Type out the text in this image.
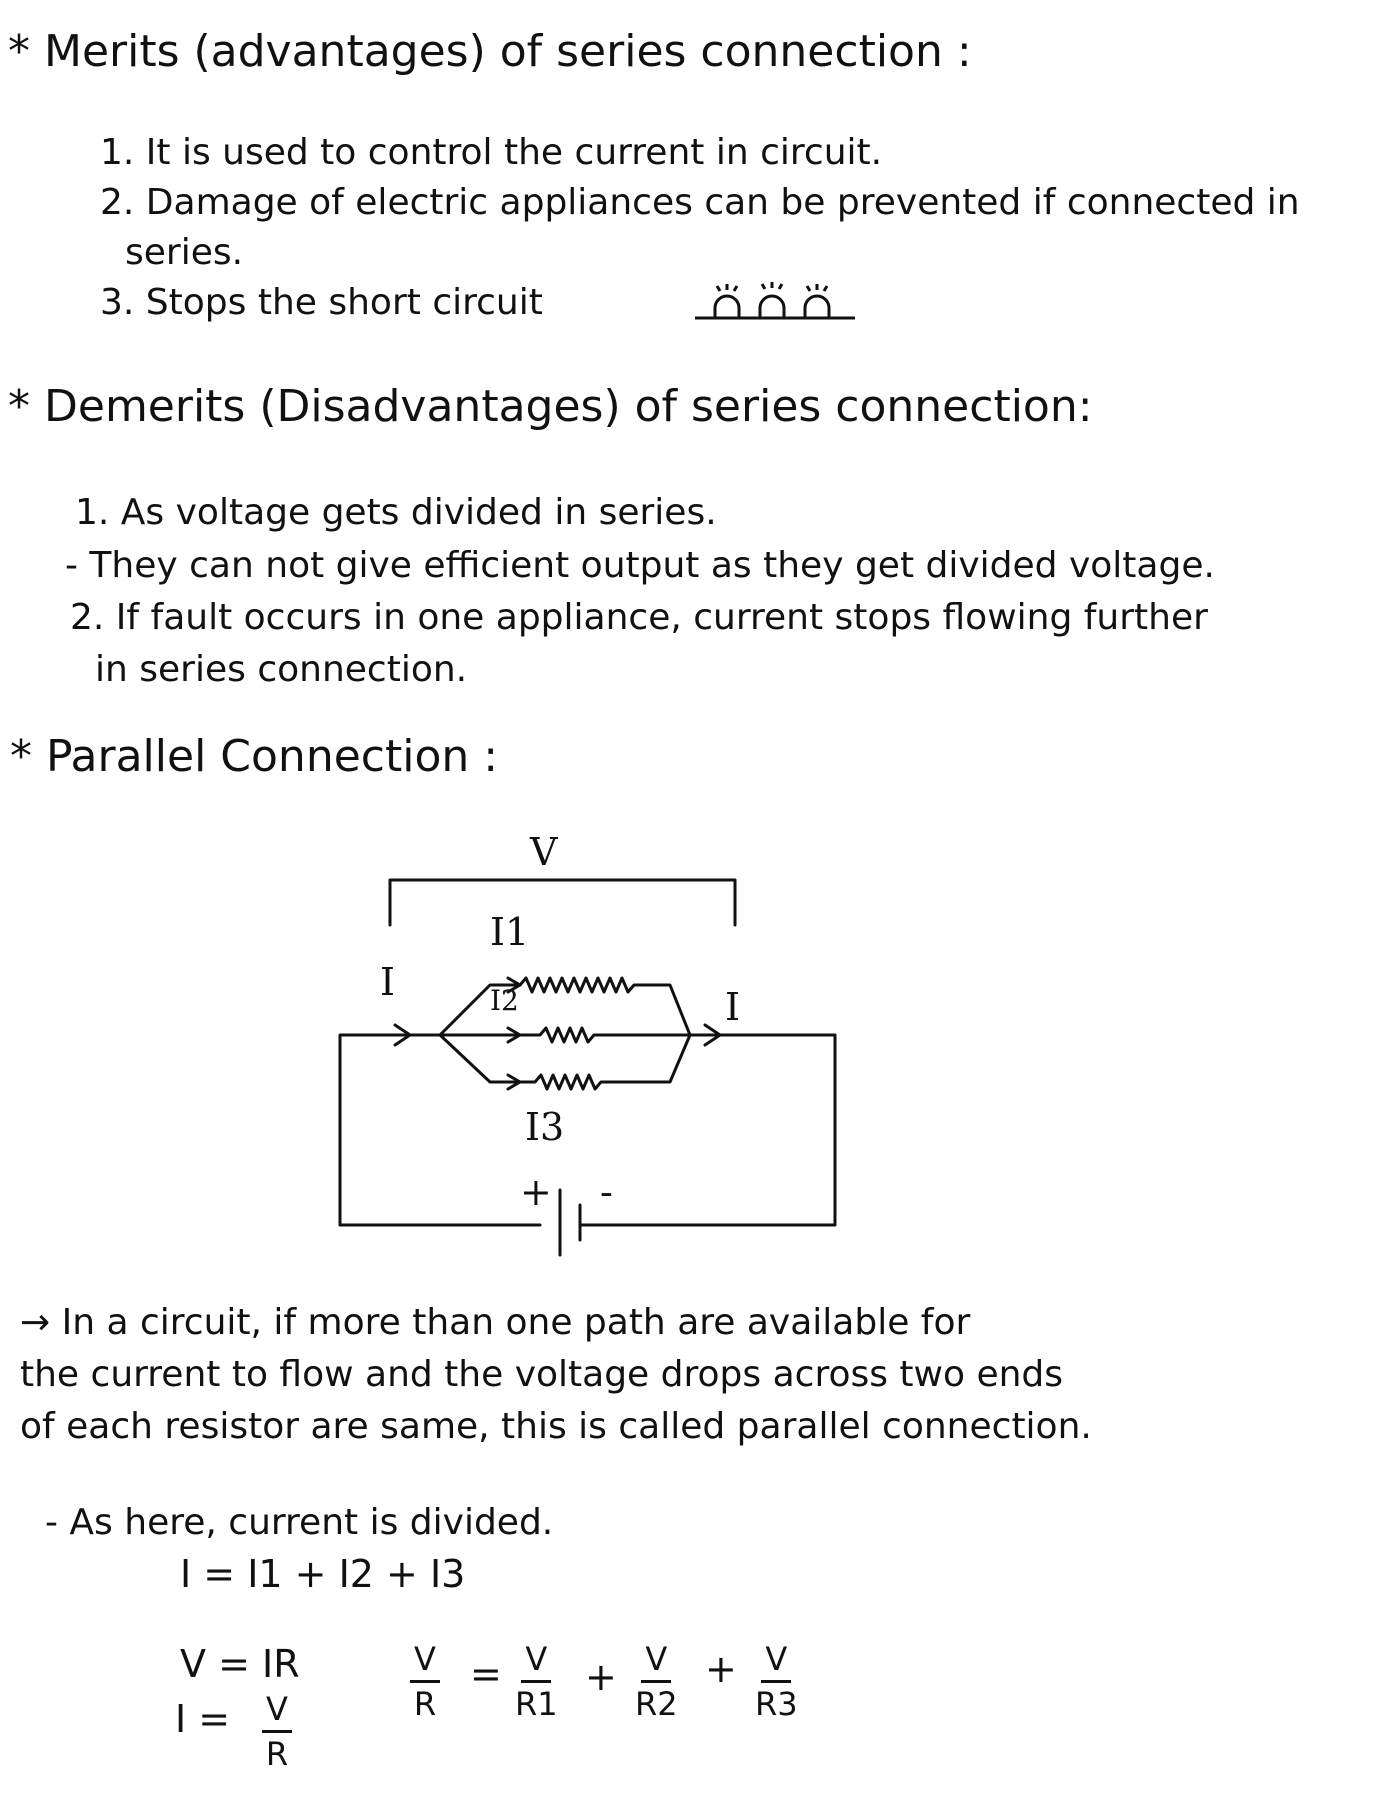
* Merits (advantages) of series connection :
1. It is used to control the current in circuit.
2. Damage of electric appliances can be prevented if connected in
series.
3. Stops the short circuit
* Demerits (Disadvantages) of series connection:
1. As voltage gets divided in series.
- They can not give efficient output as they get divided voltage.
2. If fault occurs in one appliance, current stops flowing further
in series connection.
* Parallel Connection :
V
I
I
I1
I2
I3
+ -
→ In a circuit, if more than one path are available for
the current to flow and the voltage drops across two ends
of each resistor are same, this is called parallel connection.
- As here, current is divided.
I = I1 + I2 + I3
V = IR
$I = \frac{V}{R}$
$\frac{V}{R} = \frac{V}{R1} + \frac{V}{R2} + \frac{V}{R3}$
